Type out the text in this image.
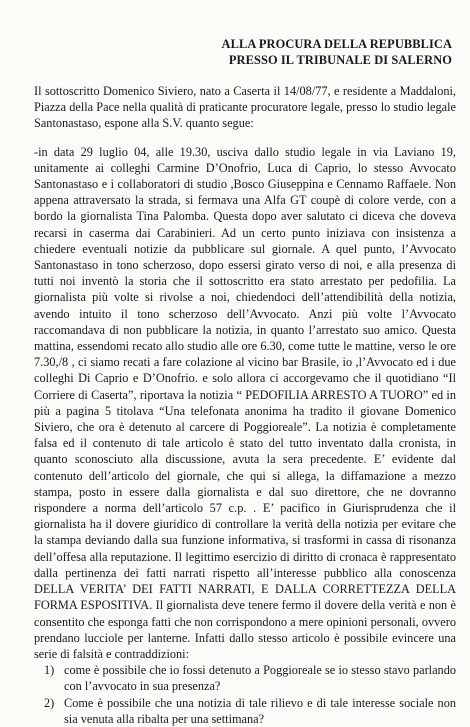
ALLA PROCURA DELLA REPUBBLICA
PRESSO IL TRIBUNALE DI SALERNO

Il sottoscritto Domenico Siviero, nato a Caserta il 14/08/77, e residente a Maddaloni, Piazza della Pace nella qualità di praticante procuratore legale, presso lo studio legale Santonastaso, espone alla S.V. quanto segue:

-in data 29 luglio 04, alle 19.30, usciva dallo studio legale in via Laviano 19, unitamente ai colleghi Carmine D’Onofrio, Luca di Caprio, lo stesso Avvocato Santonastaso e i collaboratori di studio ,Bosco Giuseppina e Cennamo Raffaele. Non appena attraversato la strada, si fermava una Alfa GT coupè di colore verde, con a bordo la giornalista Tina Palomba. Questa dopo aver salutato ci diceva che doveva recarsi in caserma dai Carabinieri. Ad un certo punto iniziava con insistenza a chiedere eventuali notizie da pubblicare sul giornale. A quel punto, l’Avvocato Santonastaso in tono scherzoso, dopo essersi girato verso di noi, e alla presenza di tutti noi inventò la storia che il sottoscritto era stato arrestato per pedofilia. La giornalista più volte si rivolse a noi, chiedendoci dell’attendibilità della notizia, avendo intuito il tono scherzoso dell’Avvocato. Anzi più volte l’Avvocato raccomandava di non pubblicare la notizia, in quanto l’arrestato suo amico. Questa mattina, essendomi recato allo studio alle ore 6.30, come tutte le mattine, verso le ore 7.30,/8 , ci siamo recati a fare colazione al vicino bar Brasile, io ,l’Avvocato ed i due colleghi Di Caprio e D’Onofrio. e solo allora ci accorgevamo che il quotidiano “Il Corriere di Caserta”, riportava la notizia “ PEDOFILIA ARRESTO A TUORO” ed in più a pagina 5 titolava “Una telefonata anonima ha tradito il giovane Domenico Siviero, che ora è detenuto al carcere di Poggioreale”. La notizia è completamente falsa ed il contenuto di tale articolo è stato del tutto inventato dalla cronista, in quanto sconosciuto alla discussione, avuta la sera precedente. E’ evidente dal contenuto dell’articolo del giornale, che qui si allega, la diffamazione a mezzo stampa, posto in essere dalla giornalista e dal suo direttore, che ne dovranno rispondere a norma dell’articolo 57 c.p. . E’ pacifico in Giurisprudenza che il giornalista ha il dovere giuridico di controllare la verità della notizia per evitare che la stampa deviando dalla sua funzione informativa, si trasformi in cassa di risonanza dell’offesa alla reputazione. Il legittimo esercizio di diritto di cronaca è rappresentato dalla pertinenza dei fatti narrati rispetto all’interesse pubblico alla conoscenza DELLA VERITA’ DEI FATTI NARRATI, E DALLA CORRETTEZZA DELLA FORMA ESPOSITIVA. Il giornalista deve tenere fermo il dovere della verità e non è consentito che esponga fatti che non corrispondono a mere opinioni personali, ovvero prendano lucciole per lanterne. Infatti dallo stesso articolo è possibile evincere una serie di falsità e contraddizioni:

1) come è possibile che io fossi detenuto a Poggioreale se io stesso stavo parlando con l’avvocato in sua presenza?
2) Come è possibile che una notizia di tale rilievo e di tale interesse sociale non sia venuta alla ribalta per una settimana?
